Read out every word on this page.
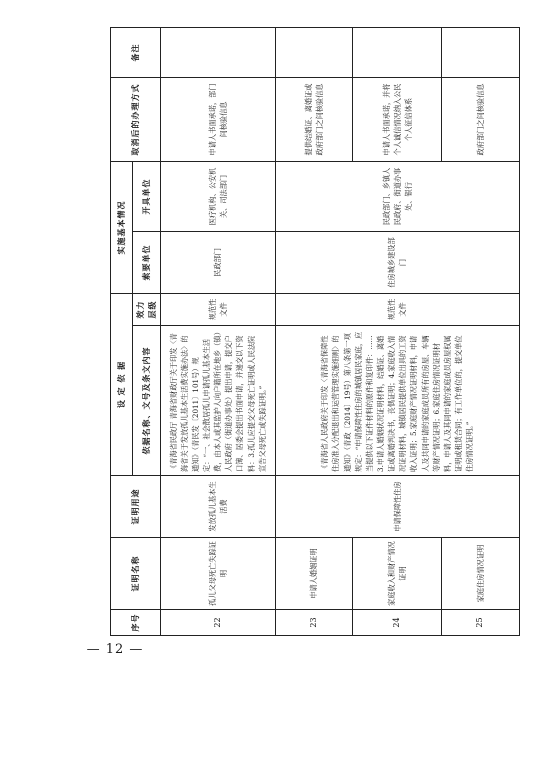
— 12 —
序号	证明名称	证明用途	设 定 依 据		实施基本情况		取消后的办理方式	备注
			依据名称、文号及条文内容	效力层级	索要单位	开具单位		
22	孤儿父母死亡失踪证明	发放孤儿基本生活费	《青海省民政厅 青海省财政厅关于印发〈青海省关于发放孤儿基本生活费实施办法〉的通知》（青民发〔2011〕101号）规定：“一、社会散居孤儿申请孤儿基本生活费，由本人或其监护人向户籍所在地乡（镇）人民政府（街道办事处）提出申请，提交户口簿、居委会提出书面申请，并递交以下资料：3.孤儿应提交父母死亡证明或人民法院宣告父母死亡或失踪证明。”	规范性文件	民政部门	医疗机构、公安机关、司法部门	申请人书面承诺，部门间核验信息	
23	申请人婚姻证明	申请保障性住房	《青海省人民政府关于印发〈青海省保障性住房准入分配退出和运营管理实施细则〉的通知》（青政〔2014〕19号）第八条第一项规定：“申请保障性住房的城镇居民家庭，应当提供以下证件材料的原件和复印件：……3.申请人婚姻状况证明材料，结婚证、离婚证或离婚判决书，丧偶证明；4.家庭收入情况证明材料，城镇居民提供单位出具的工资收入证明；5.家庭财产情况证明材料，申请人及共同申请的家庭成员所有的房屋、车辆等财产情况证明；6.家庭住房情况证明材料，申请人及其同申请的家庭成员房屋权属证明或租赁合同；有工作单位的，提交单位住房情况证明。”	规范性文件	住房城乡建设部门	民政部门、乡镇人民政府、街道办事处、银行	提供结婚证、离婚证或政府部门之间核验信息	
24	家庭收入和财产情况证明						申请人书面承诺，并将个人诚信情况纳入公民个人征信体系	
25	家庭住房情况证明						政府部门之间核验信息	
